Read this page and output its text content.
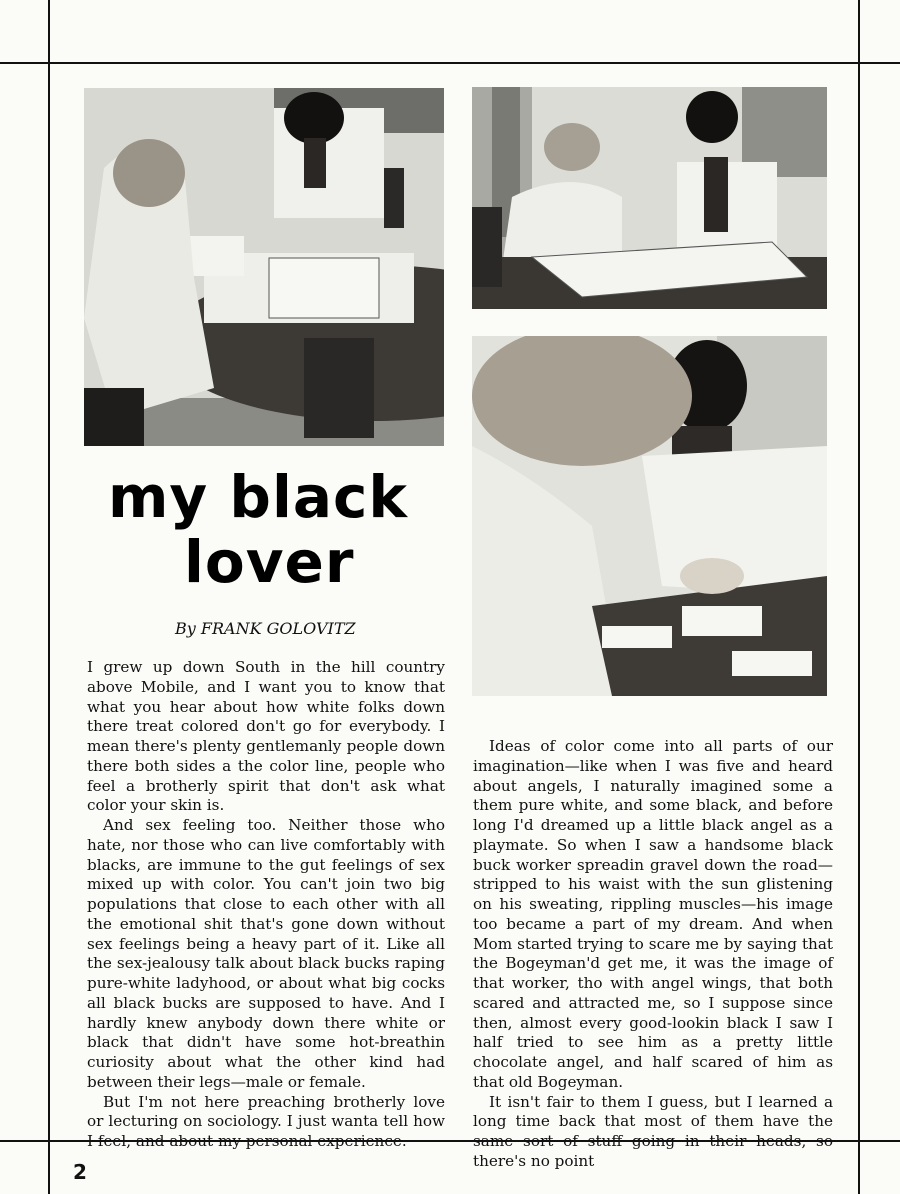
my black
lover
By FRANK GOLOVITZ

I grew up down South in the hill country above Mobile, and I want you to know that what you hear about how white folks down there treat colored don't go for everybody. I mean there's plenty gentlemanly people down there both sides a the color line, people who feel a brotherly spirit that don't ask what color your skin is.

And sex feeling too. Neither those who hate, nor those who can live comfortably with blacks, are immune to the gut feelings of sex mixed up with color. You can't join two big populations that close to each other with all the emotional shit that's gone down without sex feelings being a heavy part of it. Like all the sex-jealousy talk about black bucks raping pure-white ladyhood, or about what big cocks all black bucks are supposed to have. And I hardly knew anybody down there white or black that didn't have some hot-breathin curiosity about what the other kind had between their legs—male or female.

But I'm not here preaching brotherly love or lecturing on sociology. I just wanta tell how I feel, and about my personal experience.

Ideas of color come into all parts of our imagination—like when I was five and heard about angels, I naturally imagined some a them pure white, and some black, and before long I'd dreamed up a little black angel as a playmate. So when I saw a handsome black buck worker spreadin gravel down the road—stripped to his waist with the sun glistening on his sweating, rippling muscles—his image too became a part of my dream. And when Mom started trying to scare me by saying that the Bogeyman'd get me, it was the image of that worker, tho with angel wings, that both scared and attracted me, so I suppose since then, almost every good-lookin black I saw I half tried to see him as a pretty little chocolate angel, and half scared of him as that old Bogeyman.

It isn't fair to them I guess, but I learned a long time back that most of them have the same sort of stuff going in their heads, so there's no point

2
